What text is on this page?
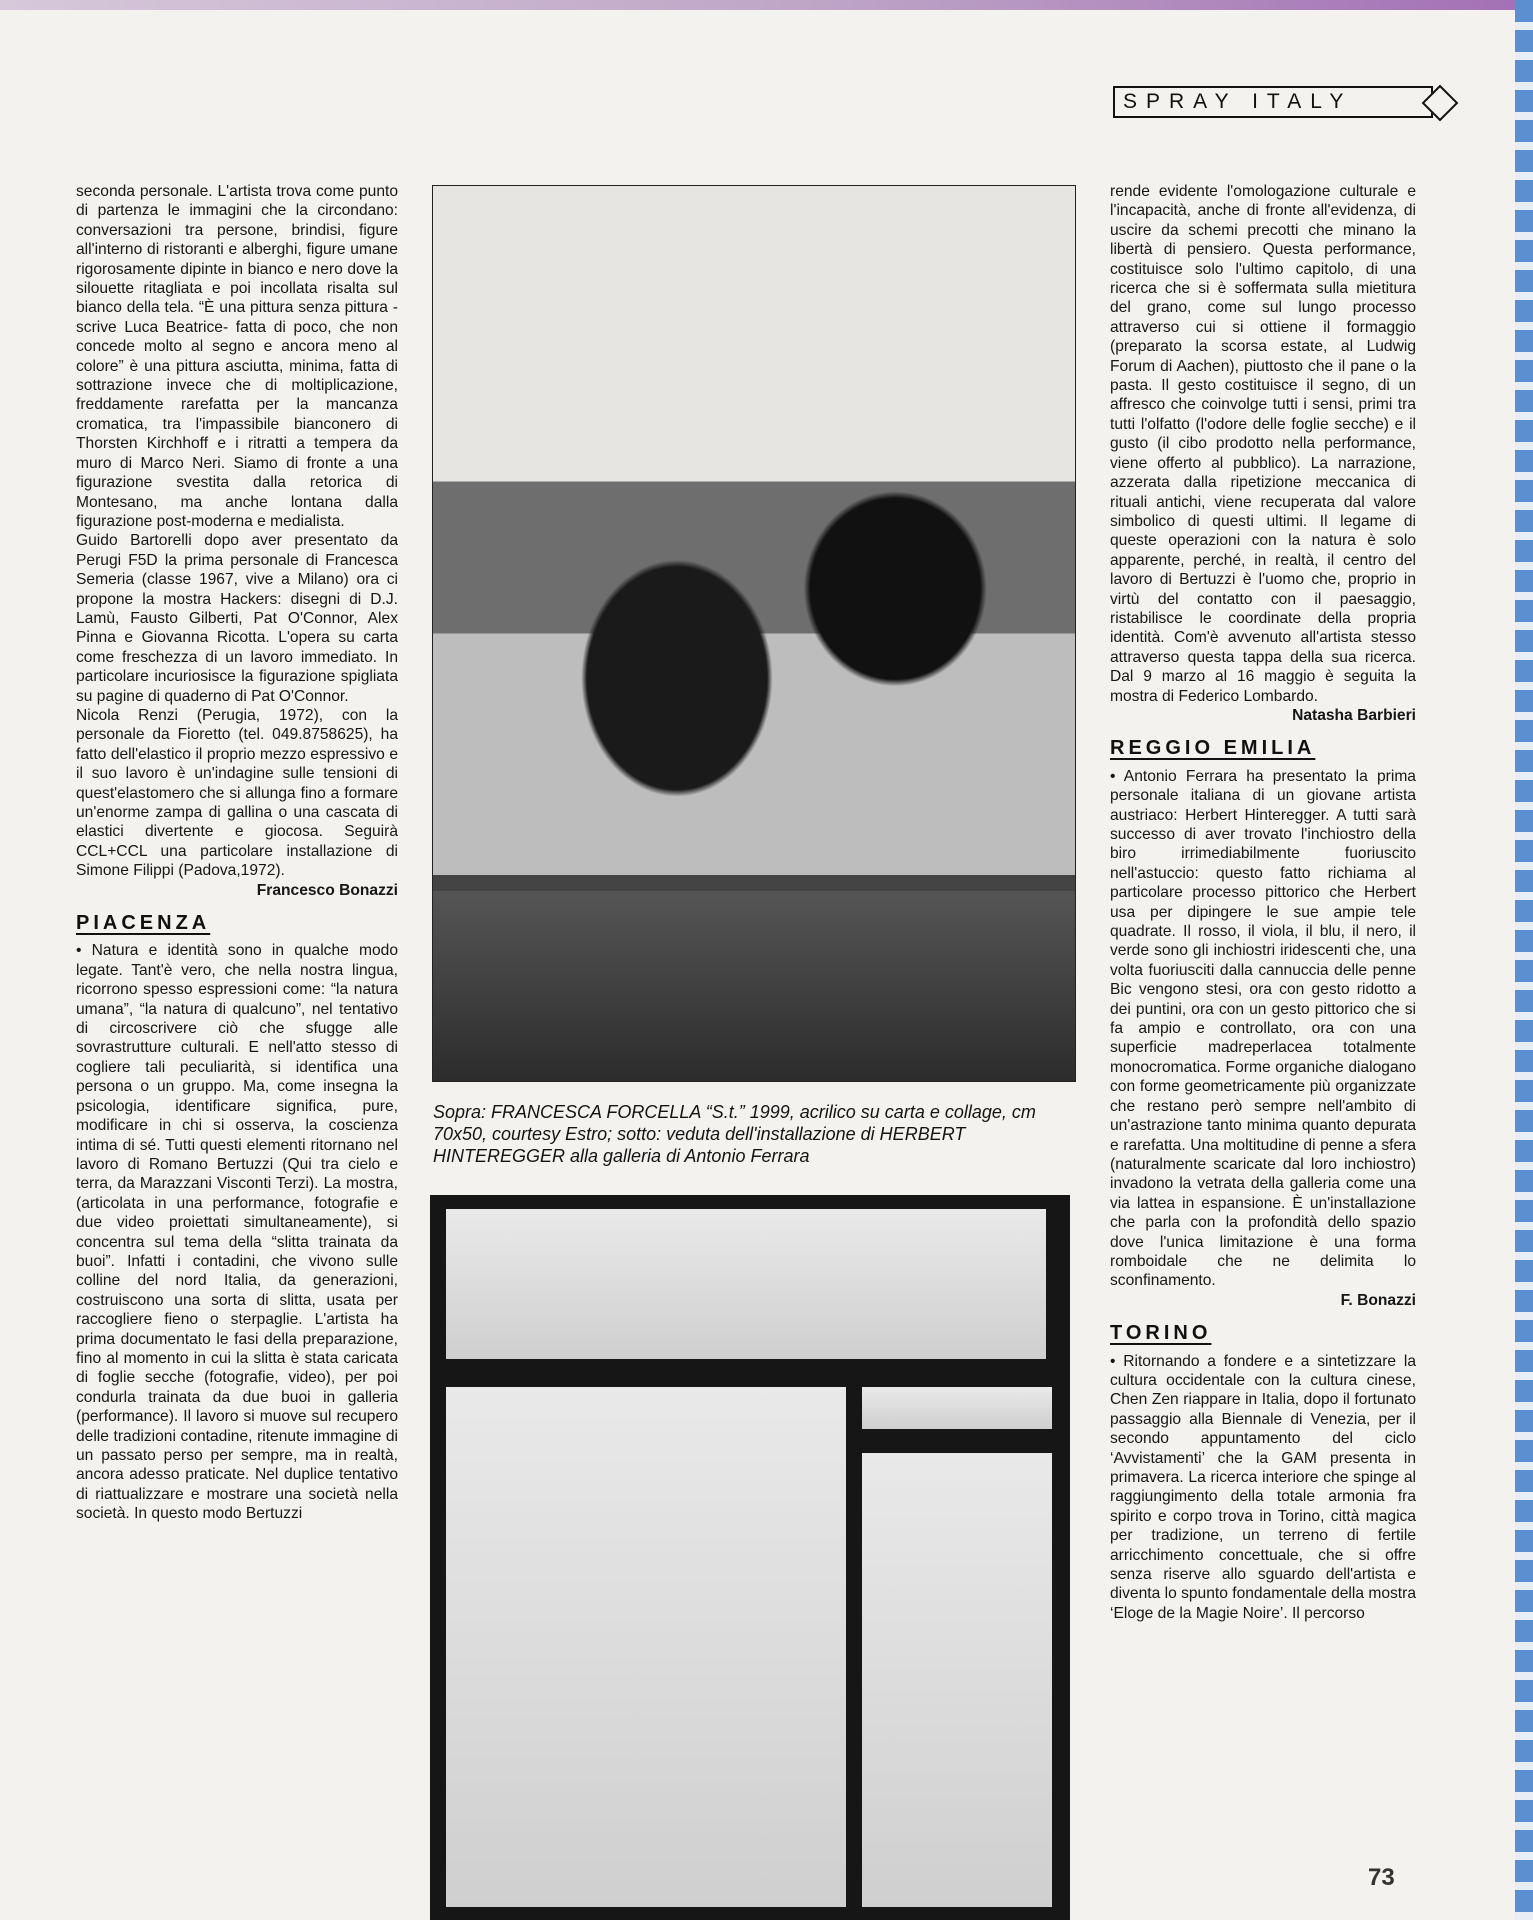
SPRAY ITALY

seconda personale. L'artista trova come punto di partenza le immagini che la circondano: conversazioni tra persone, brindisi, figure all'interno di ristoranti e alberghi, figure umane rigorosamente dipinte in bianco e nero dove la silouette ritagliata e poi incollata risalta sul bianco della tela. “È una pittura senza pittura -scrive Luca Beatrice- fatta di poco, che non concede molto al segno e ancora meno al colore” è una pittura asciutta, minima, fatta di sottrazione invece che di moltiplicazione, freddamente rarefatta per la mancanza cromatica, tra l'impassibile bianconero di Thorsten Kirchhoff e i ritratti a tempera da muro di Marco Neri. Siamo di fronte a una figurazione svestita dalla retorica di Montesano, ma anche lontana dalla figurazione post-moderna e medialista.

Guido Bartorelli dopo aver presentato da Perugi F5D la prima personale di Francesca Semeria (classe 1967, vive a Milano) ora ci propone la mostra Hackers: disegni di D.J. Lamù, Fausto Gilberti, Pat O'Connor, Alex Pinna e Giovanna Ricotta. L'opera su carta come freschezza di un lavoro immediato. In particolare incuriosisce la figurazione spigliata su pagine di quaderno di Pat O'Connor.

Nicola Renzi (Perugia, 1972), con la personale da Fioretto (tel. 049.8758625), ha fatto dell'elastico il proprio mezzo espressivo e il suo lavoro è un'indagine sulle tensioni di quest'elastomero che si allunga fino a formare un'enorme zampa di gallina o una cascata di elastici divertente e giocosa. Seguirà CCL+CCL una particolare installazione di Simone Filippi (Padova,1972).

Francesco Bonazzi

PIACENZA

• Natura e identità sono in qualche modo legate. Tant'è vero, che nella nostra lingua, ricorrono spesso espressioni come: “la natura umana”, “la natura di qualcuno”, nel tentativo di circoscrivere ciò che sfugge alle sovrastrutture culturali. E nell'atto stesso di cogliere tali peculiarità, si identifica una persona o un gruppo. Ma, come insegna la psicologia, identificare significa, pure, modificare in chi si osserva, la coscienza intima di sé. Tutti questi elementi ritornano nel lavoro di Romano Bertuzzi (Qui tra cielo e terra, da Marazzani Visconti Terzi). La mostra, (articolata in una performance, fotografie e due video proiettati simultaneamente), si concentra sul tema della “slitta trainata da buoi”. Infatti i contadini, che vivono sulle colline del nord Italia, da generazioni, costruiscono una sorta di slitta, usata per raccogliere fieno o sterpaglie. L'artista ha prima documentato le fasi della preparazione, fino al momento in cui la slitta è stata caricata di foglie secche (fotografie, video), per poi condurla trainata da due buoi in galleria (performance). Il lavoro si muove sul recupero delle tradizioni contadine, ritenute immagine di un passato perso per sempre, ma in realtà, ancora adesso praticate. Nel duplice tentativo di riattualizzare e mostrare una società nella società. In questo modo Bertuzzi

Sopra: FRANCESCA FORCELLA “S.t.” 1999, acrilico su carta e collage, cm 70x50, courtesy Estro; sotto: veduta dell'installazione di HERBERT HINTEREGGER alla galleria di Antonio Ferrara

rende evidente l'omologazione culturale e l'incapacità, anche di fronte all'evidenza, di uscire da schemi precotti che minano la libertà di pensiero. Questa performance, costituisce solo l'ultimo capitolo, di una ricerca che si è soffermata sulla mietitura del grano, come sul lungo processo attraverso cui si ottiene il formaggio (preparato la scorsa estate, al Ludwig Forum di Aachen), piuttosto che il pane o la pasta. Il gesto costituisce il segno, di un affresco che coinvolge tutti i sensi, primi tra tutti l'olfatto (l'odore delle foglie secche) e il gusto (il cibo prodotto nella performance, viene offerto al pubblico). La narrazione, azzerata dalla ripetizione meccanica di rituali antichi, viene recuperata dal valore simbolico di questi ultimi. Il legame di queste operazioni con la natura è solo apparente, perché, in realtà, il centro del lavoro di Bertuzzi è l'uomo che, proprio in virtù del contatto con il paesaggio, ristabilisce le coordinate della propria identità. Com'è avvenuto all'artista stesso attraverso questa tappa della sua ricerca. Dal 9 marzo al 16 maggio è seguita la mostra di Federico Lombardo.

Natasha Barbieri

REGGIO EMILIA

• Antonio Ferrara ha presentato la prima personale italiana di un giovane artista austriaco: Herbert Hinteregger. A tutti sarà successo di aver trovato l'inchiostro della biro irrimediabilmente fuoriuscito nell'astuccio: questo fatto richiama al particolare processo pittorico che Herbert usa per dipingere le sue ampie tele quadrate. Il rosso, il viola, il blu, il nero, il verde sono gli inchiostri iridescenti che, una volta fuoriusciti dalla cannuccia delle penne Bic vengono stesi, ora con gesto ridotto a dei puntini, ora con un gesto pittorico che si fa ampio e controllato, ora con una superficie madreperlacea totalmente monocromatica. Forme organiche dialogano con forme geometricamente più organizzate che restano però sempre nell'ambito di un'astrazione tanto minima quanto depurata e rarefatta. Una moltitudine di penne a sfera (naturalmente scaricate dal loro inchiostro) invadono la vetrata della galleria come una via lattea in espansione. È un'installazione che parla con la profondità dello spazio dove l'unica limitazione è una forma romboidale che ne delimita lo sconfinamento.

F. Bonazzi

TORINO

• Ritornando a fondere e a sintetizzare la cultura occidentale con la cultura cinese, Chen Zen riappare in Italia, dopo il fortunato passaggio alla Biennale di Venezia, per il secondo appuntamento del ciclo ‘Avvistamenti’ che la GAM presenta in primavera. La ricerca interiore che spinge al raggiungimento della totale armonia fra spirito e corpo trova in Torino, città magica per tradizione, un terreno di fertile arricchimento concettuale, che si offre senza riserve allo sguardo dell'artista e diventa lo spunto fondamentale della mostra ‘Eloge de la Magie Noire’. Il percorso

73
